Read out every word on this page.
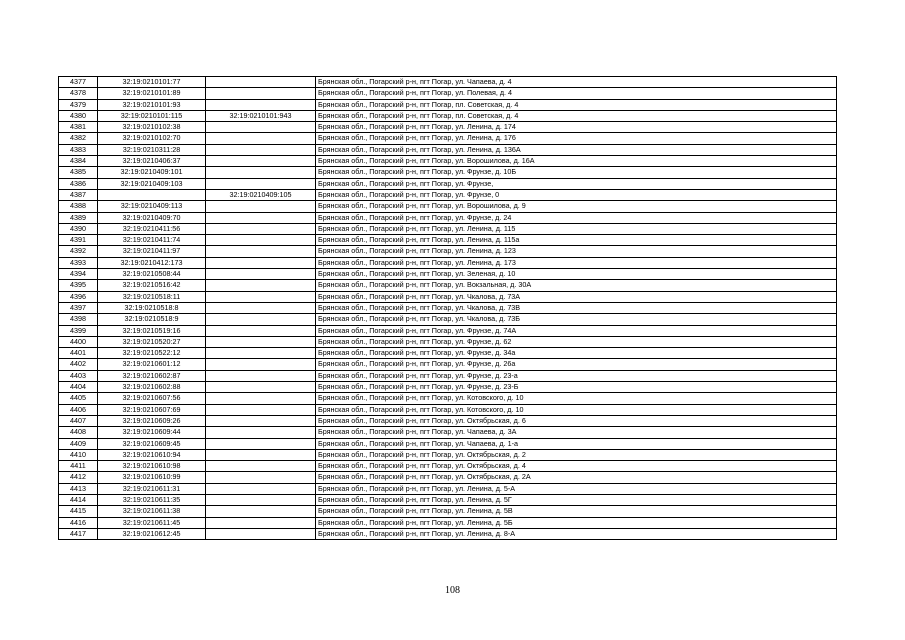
4377	32:19:0210101:77		Брянская обл., Погарский р-н, пгт Погар, ул. Чапаева, д. 4
4378	32:19:0210101:89		Брянская обл., Погарский р-н, пгт Погар, ул. Полевая, д. 4
4379	32:19:0210101:93		Брянская обл., Погарский р-н, пгт Погар, пл. Советская, д. 4
4380	32:19:0210101:115	32:19:0210101:943	Брянская обл., Погарский р-н, пгт Погар, пл. Советская, д. 4
4381	32:19:0210102:38		Брянская обл., Погарский р-н, пгт Погар, ул. Ленина, д. 174
4382	32:19:0210102:70		Брянская обл., Погарский р-н, пгт Погар, ул. Ленина, д. 176
4383	32:19:0210311:28		Брянская обл., Погарский р-н, пгт Погар, ул. Ленина, д. 136А
4384	32:19:0210406:37		Брянская обл., Погарский р-н, пгт Погар, ул. Ворошилова, д. 16А
4385	32:19:0210409:101		Брянская обл., Погарский р-н, пгт Погар, ул. Фрунзе, д. 10Б
4386	32:19:0210409:103		Брянская обл., Погарский р-н, пгт Погар, ул. Фрунзе,
4387		32:19:0210409:105	Брянская обл., Погарский р-н, пгт Погар, ул. Фрунзе, 0
4388	32:19:0210409:113		Брянская обл., Погарский р-н, пгт Погар, ул. Ворошилова, д. 9
4389	32:19:0210409:70		Брянская обл., Погарский р-н, пгт Погар, ул. Фрунзе, д. 24
4390	32:19:0210411:56		Брянская обл., Погарский р-н, пгт Погар, ул. Ленина, д. 115
4391	32:19:0210411:74		Брянская обл., Погарский р-н, пгт Погар, ул. Ленина, д. 115а
4392	32:19:0210411:97		Брянская обл., Погарский р-н, пгт Погар, ул. Ленина, д. 123
4393	32:19:0210412:173		Брянская обл., Погарский р-н, пгт Погар, ул. Ленина, д. 173
4394	32:19:0210508:44		Брянская обл., Погарский р-н, пгт Погар, ул. Зеленая, д. 10
4395	32:19:0210516:42		Брянская обл., Погарский р-н, пгт Погар, ул. Вокзальная, д. 30А
4396	32:19:0210518:11		Брянская обл., Погарский р-н, пгт Погар, ул. Чкалова, д. 73А
4397	32:19:0210518:8		Брянская обл., Погарский р-н, пгт Погар, ул. Чкалова, д. 73В
4398	32:19:0210518:9		Брянская обл., Погарский р-н, пгт Погар, ул. Чкалова, д. 73Б
4399	32:19:0210519:16		Брянская обл., Погарский р-н, пгт Погар, ул. Фрунзе, д. 74А
4400	32:19:0210520:27		Брянская обл., Погарский р-н, пгт Погар, ул. Фрунзе, д. 62
4401	32:19:0210522:12		Брянская обл., Погарский р-н, пгт Погар, ул. Фрунзе, д. 34а
4402	32:19:0210601:12		Брянская обл., Погарский р-н, пгт Погар, ул. Фрунзе, д. 26а
4403	32:19:0210602:87		Брянская обл., Погарский р-н, пгт Погар, ул. Фрунзе, д. 23-а
4404	32:19:0210602:88		Брянская обл., Погарский р-н, пгт Погар, ул. Фрунзе, д. 23-Б
4405	32:19:0210607:56		Брянская обл., Погарский р-н, пгт Погар, ул. Котовского, д. 10
4406	32:19:0210607:69		Брянская обл., Погарский р-н, пгт Погар, ул. Котовского, д. 10
4407	32:19:0210609:26		Брянская обл., Погарский р-н, пгт Погар, ул. Октябрьская, д. 6
4408	32:19:0210609:44		Брянская обл., Погарский р-н, пгт Погар, ул. Чапаева, д. 3А
4409	32:19:0210609:45		Брянская обл., Погарский р-н, пгт Погар, ул. Чапаева, д. 1-а
4410	32:19:0210610:94		Брянская обл., Погарский р-н, пгт Погар, ул. Октябрьская, д. 2
4411	32:19:0210610:98		Брянская обл., Погарский р-н, пгт Погар, ул. Октябрьская, д. 4
4412	32:19:0210610:99		Брянская обл., Погарский р-н, пгт Погар, ул. Октябрьская, д. 2А
4413	32:19:0210611:31		Брянская обл., Погарский р-н, пгт Погар, ул. Ленина, д. 5-А
4414	32:19:0210611:35		Брянская обл., Погарский р-н, пгт Погар, ул. Ленина, д. 5Г
4415	32:19:0210611:38		Брянская обл., Погарский р-н, пгт Погар, ул. Ленина, д. 5В
4416	32:19:0210611:45		Брянская обл., Погарский р-н, пгт Погар, ул. Ленина, д. 5Б
4417	32:19:0210612:45		Брянская обл., Погарский р-н, пгт Погар, ул. Ленина, д. 8-А
108
